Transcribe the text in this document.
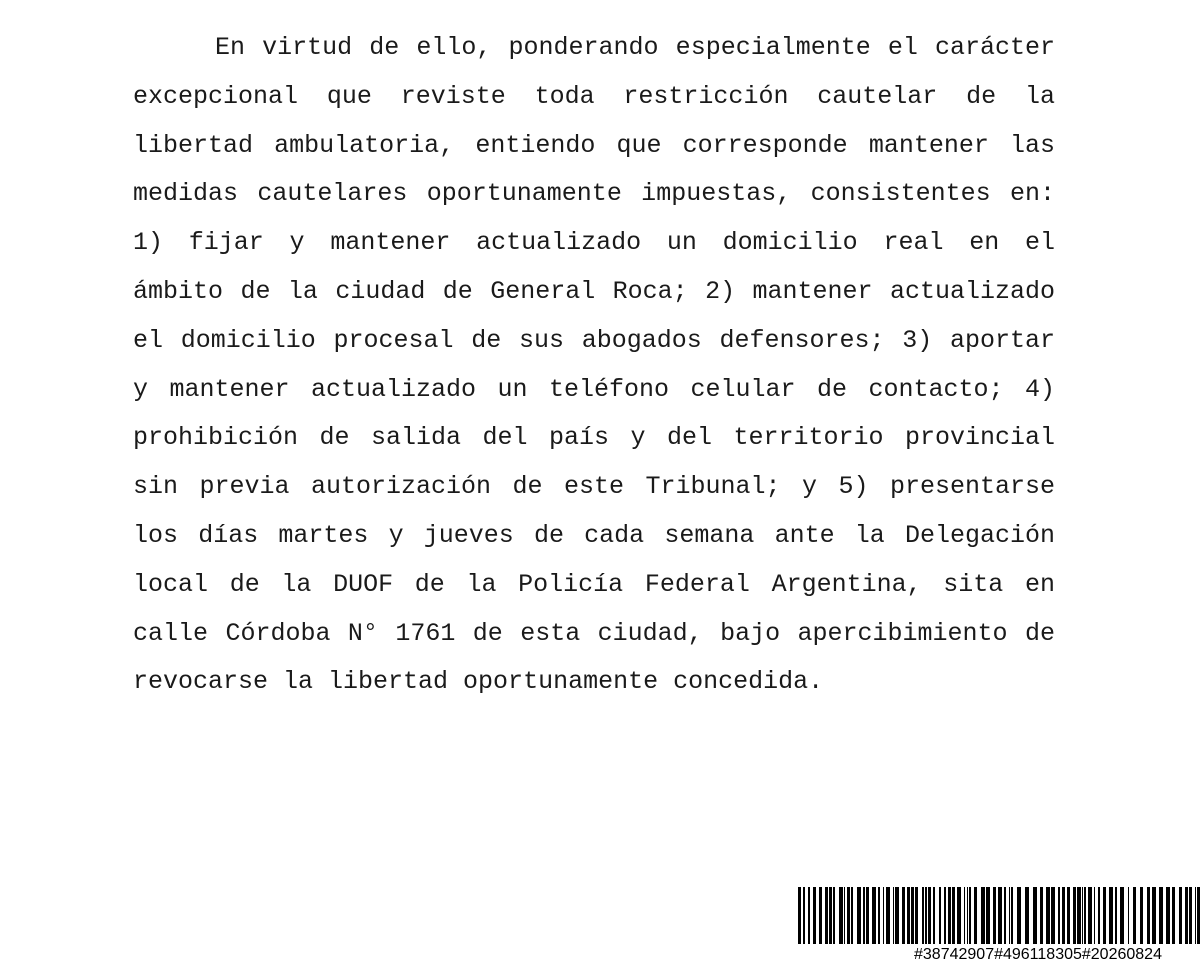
En virtud de ello, ponderando especialmente el carácter excepcional que reviste toda restricción cautelar de la libertad ambulatoria, entiendo que corresponde mantener las medidas cautelares oportunamente impuestas, consistentes en: 1) fijar y mantener actualizado un domicilio real en el ámbito de la ciudad de General Roca; 2) mantener actualizado el domicilio procesal de sus abogados defensores; 3) aportar y mantener actualizado un teléfono celular de contacto; 4) prohibición de salida del país y del territorio provincial sin previa autorización de este Tribunal; y 5) presentarse los días martes y jueves de cada semana ante la Delegación local de la DUOF de la Policía Federal Argentina, sita en calle Córdoba N° 1761 de esta ciudad, bajo apercibimiento de revocarse la libertad oportunamente concedida.

#38742907#496118305#20260824
